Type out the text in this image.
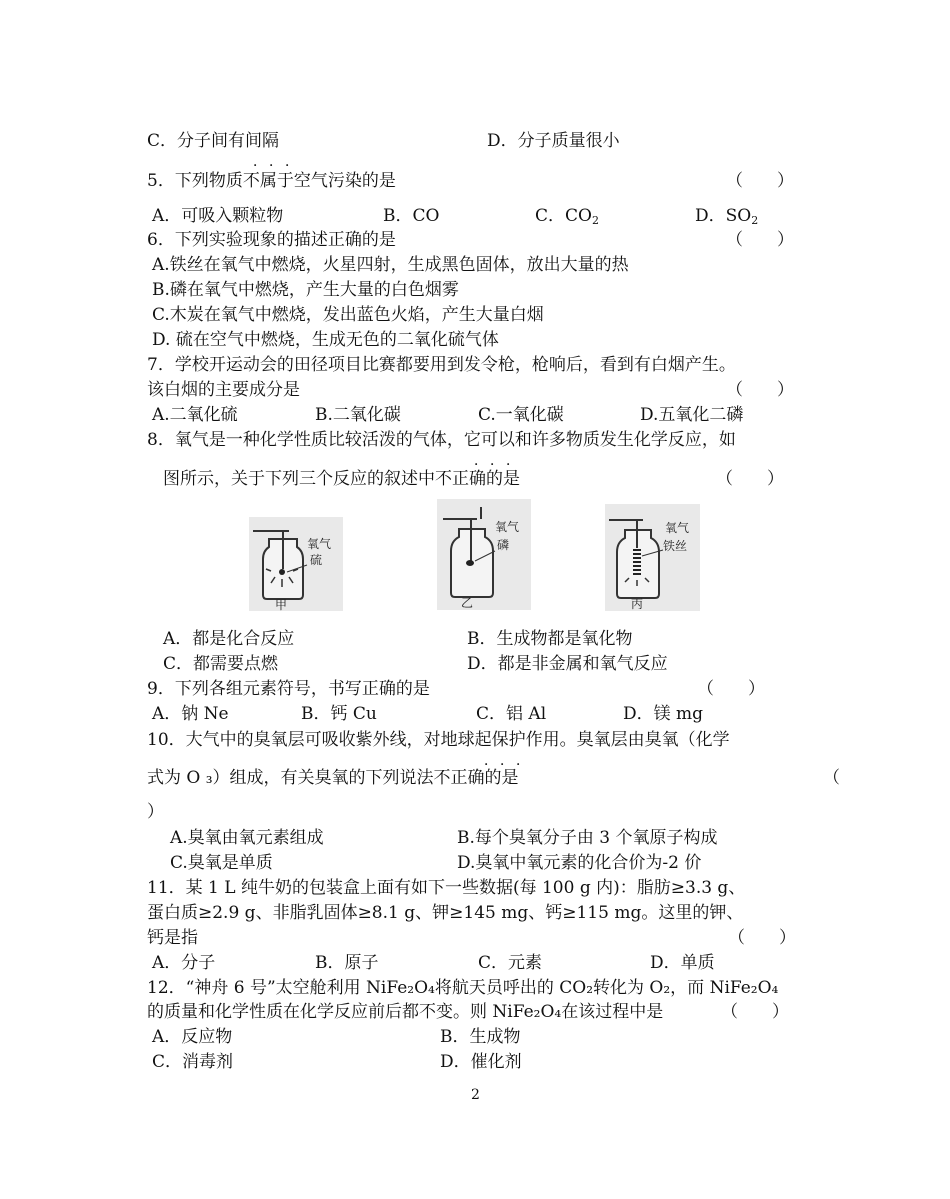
C．分子间有间隔	D．分子质量很小
．．．
5．下列物质不属于空气污染的是	（　　）
A．可吸入颗粒物	B．CO	C．$CO_2$	D．$SO_2$
6．下列实验现象的描述正确的是	（　　）
A.铁丝在氧气中燃烧，火星四射，生成黑色固体，放出大量的热
B.磷在氧气中燃烧，产生大量的白色烟雾
C.木炭在氧气中燃烧，发出蓝色火焰，产生大量白烟
D. 硫在空气中燃烧，生成无色的二氧化硫气体
7．学校开运动会的田径项目比赛都要用到发令枪，枪响后，看到有白烟产生。
该白烟的主要成分是	（　　）
A.二氧化硫	B.二氧化碳	C.一氧化碳	D.五氧化二磷
8．氧气是一种化学性质比较活泼的气体，它可以和许多物质发生化学反应，如
．．．
图所示，关于下列三个反应的叙述中不正确的是	（　　）
氧气
硫
甲
氧气
磷
乙
氧气
铁丝
丙
A．都是化合反应	B．生成物都是氧化物
C．都需要点燃	D．都是非金属和氧气反应
9．下列各组元素符号，书写正确的是	（　　）
A．钠 Ne	B．钙 Cu	C．铝 Al	D．镁 mg
10．大气中的臭氧层可吸收紫外线，对地球起保护作用。臭氧层由臭氧（化学
．．．
式为 O ₃）组成，有关臭氧的下列说法不正确的是	（
）
A.臭氧由氧元素组成	B.每个臭氧分子由 3 个氧原子构成
C.臭氧是单质	D.臭氧中氧元素的化合价为-2 价
11．某 1 L 纯牛奶的包装盒上面有如下一些数据(每 100 g 内)：脂肪≥3.3 g、
蛋白质≥2.9 g、非脂乳固体≥8.1 g、钾≥145 mg、钙≥115 mg。这里的钾、
钙是指	（　　）
A．分子	B．原子	C．元素	D．单质
12．“神舟 6 号”太空舱利用 NiFe₂O₄将航天员呼出的 CO₂转化为 O₂，而 NiFe₂O₄
的质量和化学性质在化学反应前后都不变。则 NiFe₂O₄在该过程中是	（　　）
A．反应物	B．生成物
C．消毒剂	D．催化剂
2
